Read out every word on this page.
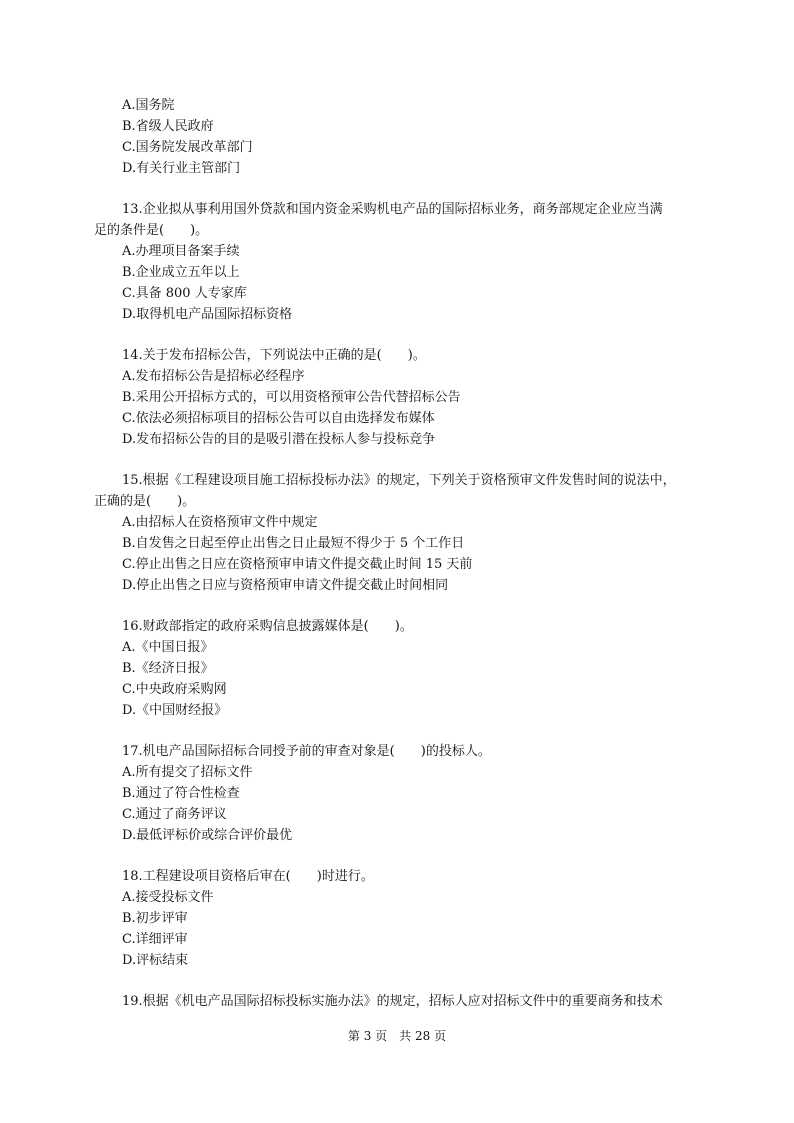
A.国务院
B.省级人民政府
C.国务院发展改革部门
D.有关行业主管部门
13.企业拟从事利用国外贷款和国内资金采购机电产品的国际招标业务，商务部规定企业应当满
足的条件是(　　)。
A.办理项目备案手续
B.企业成立五年以上
C.具备 800 人专家库
D.取得机电产品国际招标资格
14.关于发布招标公告，下列说法中正确的是(　　)。
A.发布招标公告是招标必经程序
B.采用公开招标方式的，可以用资格预审公告代替招标公告
C.依法必须招标项目的招标公告可以自由选择发布媒体
D.发布招标公告的目的是吸引潜在投标人参与投标竞争
15.根据《工程建设项目施工招标投标办法》的规定，下列关于资格预审文件发售时间的说法中，
正确的是(　　)。
A.由招标人在资格预审文件中规定
B.自发售之日起至停止出售之日止最短不得少于 5 个工作日
C.停止出售之日应在资格预审申请文件提交截止时间 15 天前
D.停止出售之日应与资格预审申请文件提交截止时间相同
16.财政部指定的政府采购信息披露媒体是(　　)。
A.《中国日报》
B.《经济日报》
C.中央政府采购网
D.《中国财经报》
17.机电产品国际招标合同授予前的审查对象是(　　)的投标人。
A.所有提交了招标文件
B.通过了符合性检查
C.通过了商务评议
D.最低评标价或综合评价最优
18.工程建设项目资格后审在(　　)时进行。
A.接受投标文件
B.初步评审
C.详细评审
D.评标结束
19.根据《机电产品国际招标投标实施办法》的规定，招标人应对招标文件中的重要商务和技术
第 3 页 共 28 页
